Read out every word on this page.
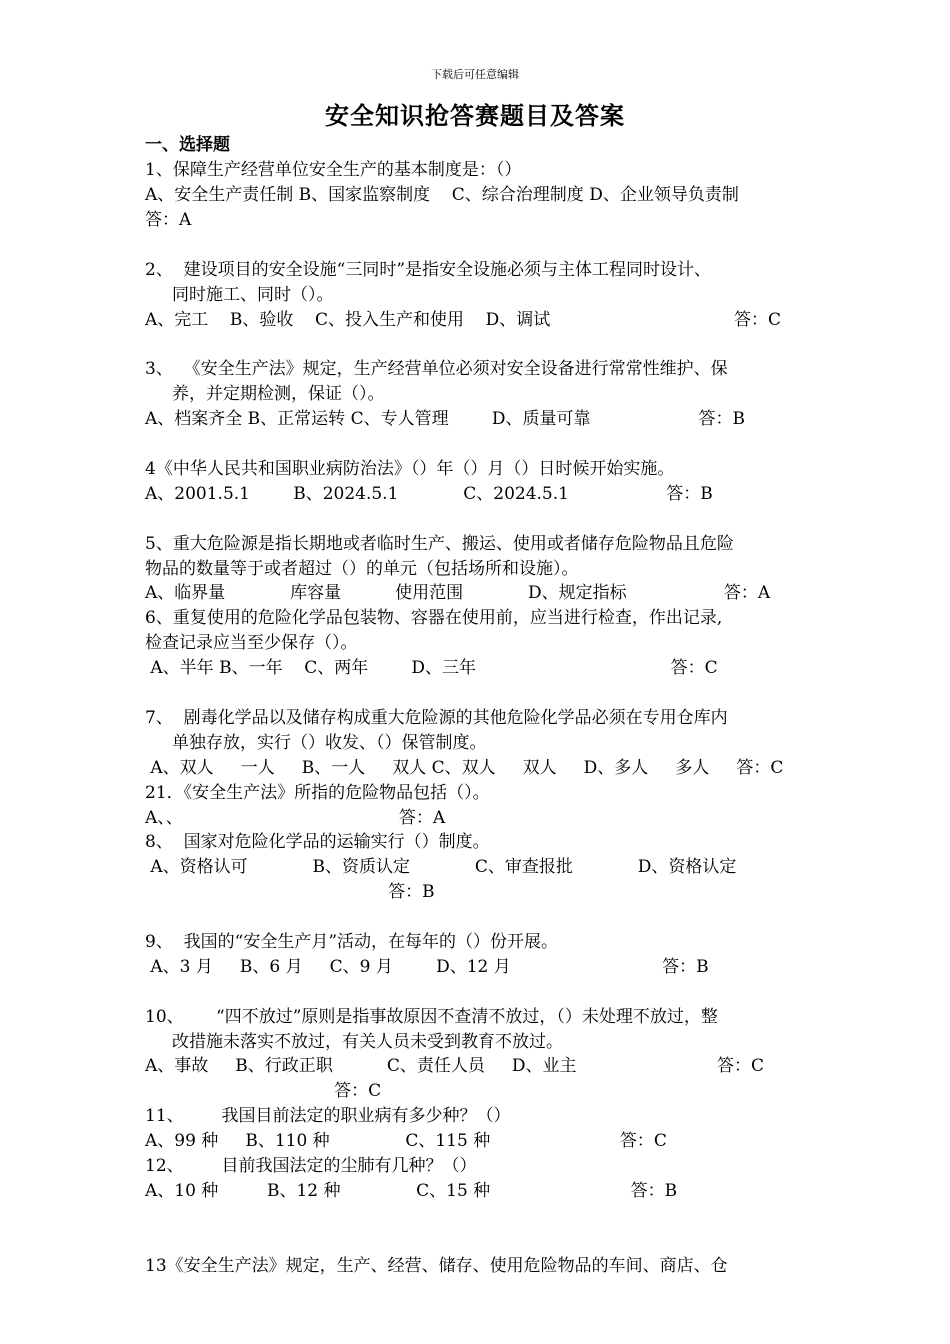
下载后可任意编辑
安全知识抢答赛题目及答案
一、选择题
1、保障生产经营单位安全生产的基本制度是：（）
A、安全生产责任制 B、国家监察制度    C、综合治理制度 D、企业领导负责制
答：A
2、  建设项目的安全设施“三同时”是指安全设施必须与主体工程同时设计、
同时施工、同时（）。
A、完工    B、验收    C、投入生产和使用    D、调试                                  答：C
3、  《安全生产法》规定，生产经营单位必须对安全设备进行常常性维护、保
养，并定期检测，保证（）。
A、档案齐全 B、正常运转 C、专人管理        D、质量可靠                    答：B
4《中华人民共和国职业病防治法》（）年（）月（）日时候开始实施。
A、2001.5.1        B、2024.5.1            C、2024.5.1                  答：B
5、重大危险源是指长期地或者临时生产、搬运、使用或者储存危险物品且危险
物品的数量等于或者超过（）的单元（包括场所和设施）。
A、临界量            库容量          使用范围            D、规定指标                  答：A
6、重复使用的危险化学品包装物、容器在使用前，应当进行检查，作出记录,
检查记录应当至少保存（）。
A、半年 B、一年    C、两年        D、三年                                    答：C
7、  剧毒化学品以及储存构成重大危险源的其他危险化学品必须在专用仓库内
单独存放，实行（）收发、（）保管制度。
A、双人     一人     B、一人     双人 C、双人     双人     D、多人     多人     答：C
21．《安全生产法》所指的危险物品包括（）。
A、、                                        答：A
8、  国家对危险化学品的运输实行（）制度。
A、资格认可            B、资质认定            C、审查报批            D、资格认定
答：B
9、  我国的“安全生产月”活动，在每年的（）份开展。
A、3 月     B、6 月     C、9 月        D、12 月                            答：B
10、      “四不放过”原则是指事故原因不查清不放过，（）未处理不放过，整
改措施未落实不放过，有关人员未受到教育不放过。
A、事故     B、行政正职          C、责任人员     D、业主                          答：C
答：C
11、       我国目前法定的职业病有多少种？（）
A、99 种     B、110 种              C、115 种                        答：C
12、       目前我国法定的尘肺有几种？（）
A、10 种         B、12 种              C、15 种                          答：B
13《安全生产法》规定，生产、经营、储存、使用危险物品的车间、商店、仓
